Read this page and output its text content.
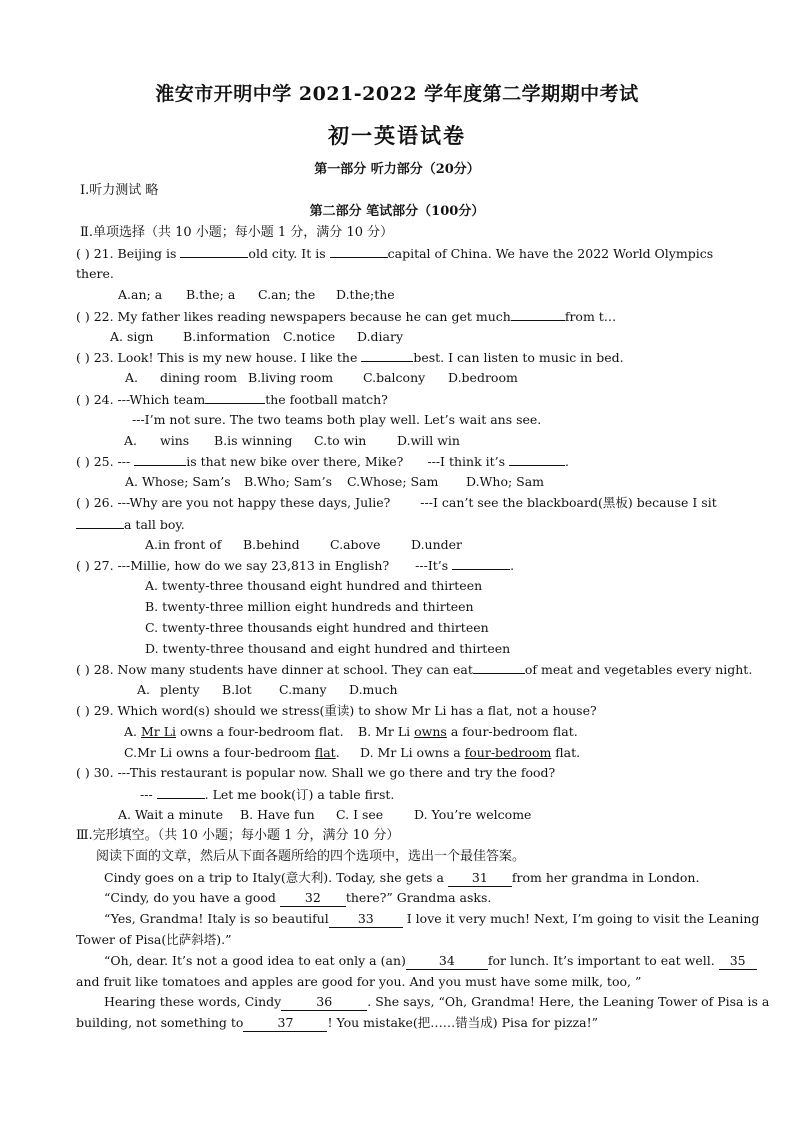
淮安市开明中学 2021-2022 学年度第二学期期中考试
初一英语试卷
第一部分 听力部分（20分）
Ⅰ.听力测试 略
第二部分 笔试部分（100分）
Ⅱ.单项选择（共 10 小题；每小题 1 分，满分 10 分）
( ) 21. Beijing is	old city. It is	capital of China. We have the 2022 World Olympics
there.
A.an; a B.the; a C.an; the D.the;the
( ) 22. My father likes reading newspapers because he can get much	from t…
A. sign B.information C.notice D.diary
( ) 23. Look! This is my new house. I like the	best. I can listen to music in bed.
A. dining room B.living room C.balcony D.bedroom
( ) 24. ---Which team	the football match?
---I’m not sure. The two teams both play well. Let’s wait ans see.
A. wins B.is winning C.to win D.will win
( ) 25. ---	is that new bike over there, Mike? ---I think it’s	.
A. Whose; Sam’s B.Who; Sam’s C.Whose; Sam D.Who; Sam
( ) 26. ---Why are you not happy these days, Julie? ---I can’t see the blackboard(黑板) because I sit
a tall boy.
A.in front of B.behind C.above D.under
( ) 27. ---Millie, how do we say 23,813 in English? ---It’s	.
A. twenty-three thousand eight hundred and thirteen
B. twenty-three million eight hundreds and thirteen
C. twenty-three thousands eight hundred and thirteen
D. twenty-three thousand and eight hundred and thirteen
( ) 28. Now many students have dinner at school. They can eat	of meat and vegetables every night.
A. plenty B.lot C.many D.much
( ) 29. Which word(s) should we stress(重读) to show Mr Li has a flat, not a house?
A. Mr Li owns a four-bedroom flat. B. Mr Li owns a four-bedroom flat.
C.Mr Li owns a four-bedroom flat. D. Mr Li owns a four-bedroom flat.
( ) 30. ---This restaurant is popular now. Shall we go there and try the food?
---	. Let me book(订) a table first.
A. Wait a minute B. Have fun C. I see D. You’re welcome
Ⅲ.完形填空。（共 10 小题；每小题 1 分，满分 10 分）
阅读下面的文章，然后从下面各题所给的四个选项中，选出一个最佳答案。
Cindy goes on a trip to Italy(意大利). Today, she gets a 31 from her grandma in London.
“Cindy, do you have a good 32 there?” Grandma asks.
“Yes, Grandma! Italy is so beautiful 33 I love it very much! Next, I’m going to visit the Leaning
Tower of Pisa(比萨斜塔).”
“Oh, dear. It’s not a good idea to eat only a (an)	34	for lunch. It’s important to eat well. 35
and fruit like tomatoes and apples are good for you. And you must have some milk, too, ”
Hearing these words, Cindy	36	. She says, “Oh, Grandma! Here, the Leaning Tower of Pisa is a
building, not something to	37	! You mistake(把……错当成) Pisa for pizza!”
